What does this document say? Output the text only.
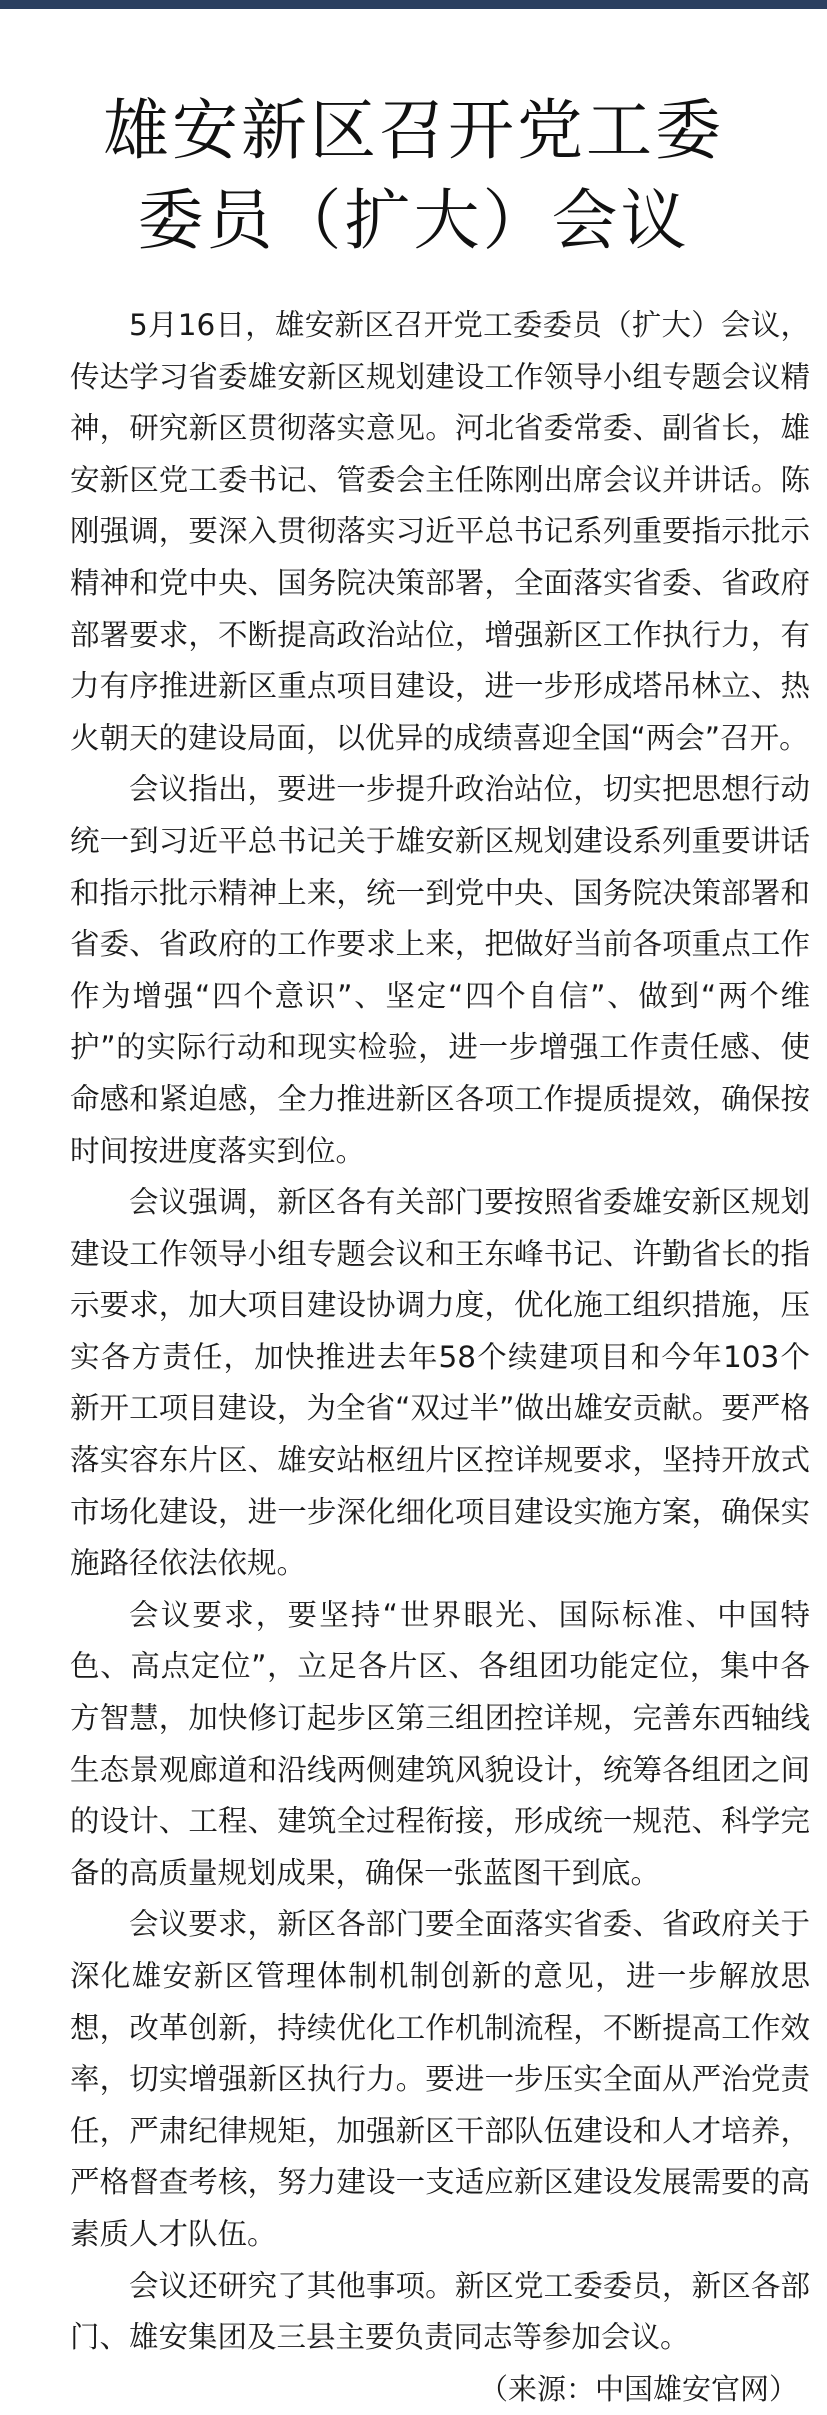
雄安新区召开党工委
委员（扩大）会议

5月16日，雄安新区召开党工委委员（扩大）会议，传达学习省委雄安新区规划建设工作领导小组专题会议精神，研究新区贯彻落实意见。河北省委常委、副省长，雄安新区党工委书记、管委会主任陈刚出席会议并讲话。陈刚强调，要深入贯彻落实习近平总书记系列重要指示批示精神和党中央、国务院决策部署，全面落实省委、省政府部署要求，不断提高政治站位，增强新区工作执行力，有力有序推进新区重点项目建设，进一步形成塔吊林立、热火朝天的建设局面，以优异的成绩喜迎全国“两会”召开。

会议指出，要进一步提升政治站位，切实把思想行动统一到习近平总书记关于雄安新区规划建设系列重要讲话和指示批示精神上来，统一到党中央、国务院决策部署和省委、省政府的工作要求上来，把做好当前各项重点工作作为增强“四个意识”、坚定“四个自信”、做到“两个维护”的实际行动和现实检验，进一步增强工作责任感、使命感和紧迫感，全力推进新区各项工作提质提效，确保按时间按进度落实到位。

会议强调，新区各有关部门要按照省委雄安新区规划建设工作领导小组专题会议和王东峰书记、许勤省长的指示要求，加大项目建设协调力度，优化施工组织措施，压实各方责任，加快推进去年58个续建项目和今年103个新开工项目建设，为全省“双过半”做出雄安贡献。要严格落实容东片区、雄安站枢纽片区控详规要求，坚持开放式市场化建设，进一步深化细化项目建设实施方案，确保实施路径依法依规。

会议要求，要坚持“世界眼光、国际标准、中国特色、高点定位”，立足各片区、各组团功能定位，集中各方智慧，加快修订起步区第三组团控详规，完善东西轴线生态景观廊道和沿线两侧建筑风貌设计，统筹各组团之间的设计、工程、建筑全过程衔接，形成统一规范、科学完备的高质量规划成果，确保一张蓝图干到底。

会议要求，新区各部门要全面落实省委、省政府关于深化雄安新区管理体制机制创新的意见，进一步解放思想，改革创新，持续优化工作机制流程，不断提高工作效率，切实增强新区执行力。要进一步压实全面从严治党责任，严肃纪律规矩，加强新区干部队伍建设和人才培养，严格督查考核，努力建设一支适应新区建设发展需要的高素质人才队伍。

会议还研究了其他事项。新区党工委委员，新区各部门、雄安集团及三县主要负责同志等参加会议。

（来源：中国雄安官网）
